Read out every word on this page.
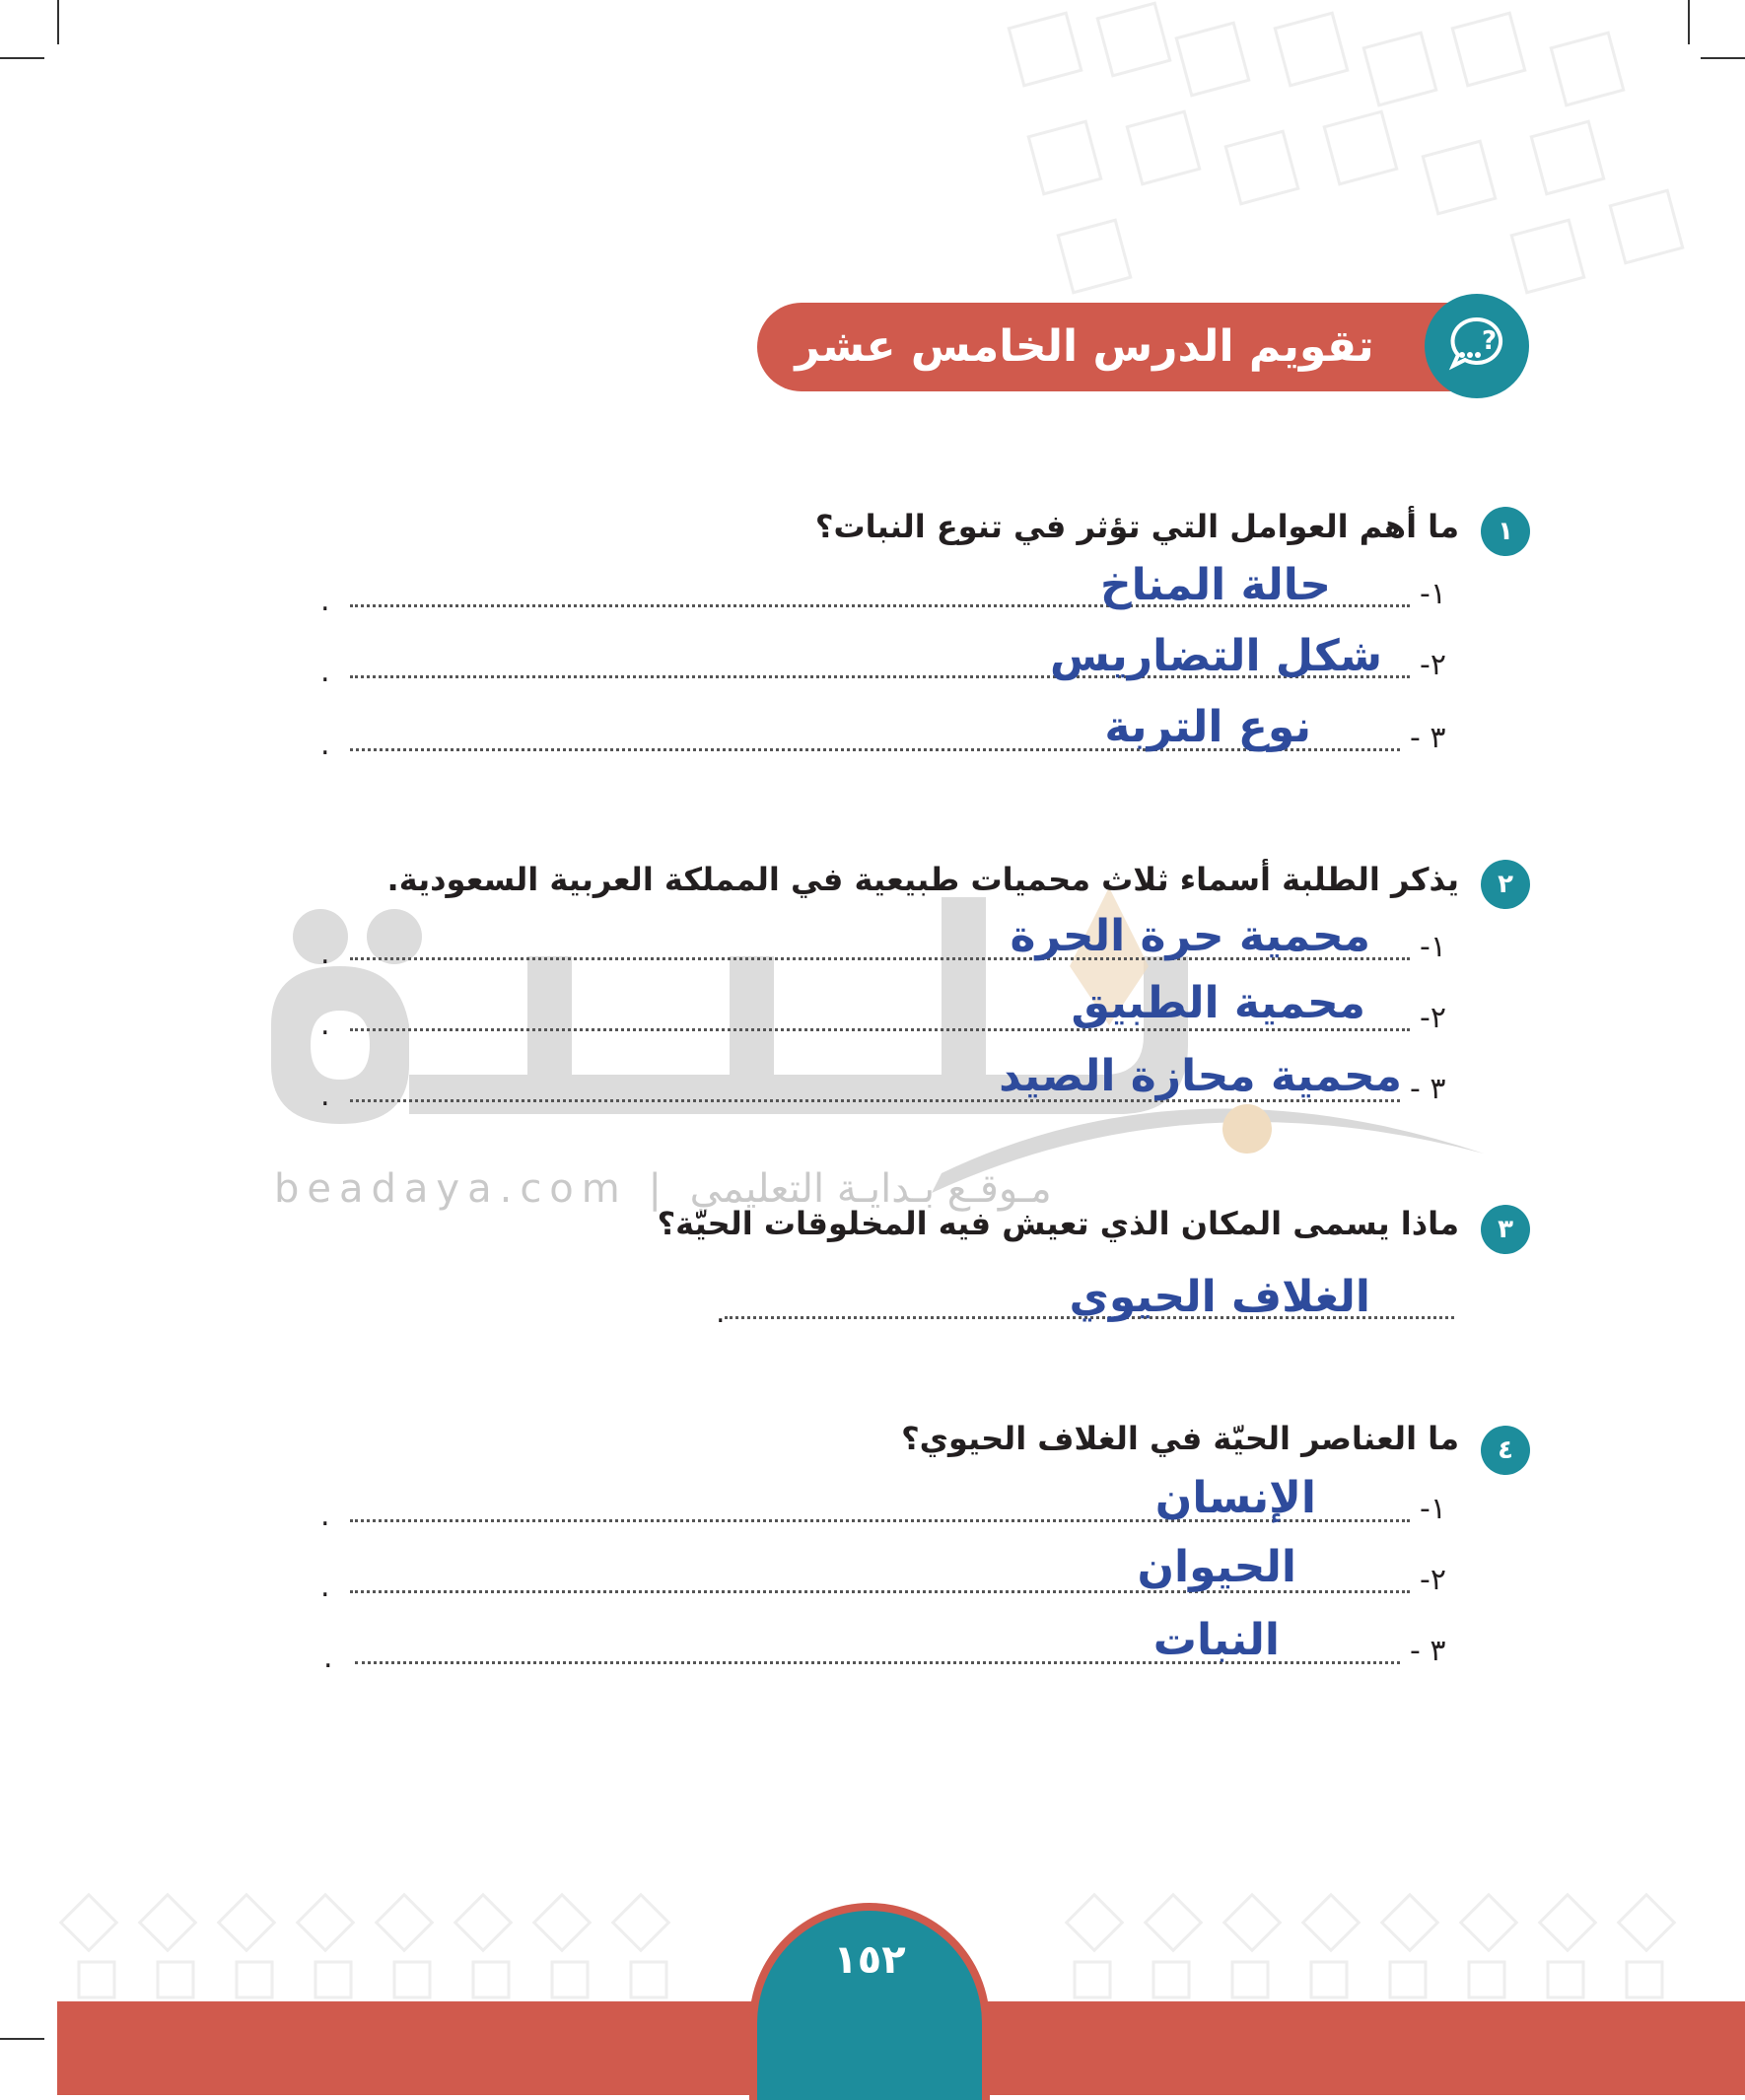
تقويم الدرس الخامس عشر	?
beadaya.com | مـوقـع بـدايـة التعليمي
١
ما أهم العوامل التي تؤثر في تنوع النبات؟
١-
.	حالة المناخ
٢-
.	شكل التضاريس
٣ -
.	نوع التربة
٢
يذكر الطلبة أسماء ثلاث محميات طبيعية في المملكة العربية السعودية.
١-
.	محمية حرة الحرة
٢-
.	محمية الطبيق
٣ -
.	محمية محازة الصيد
٣
ماذا يسمى المكان الذي تعيش فيه المخلوقات الحيّة؟
.	الغلاف الحيوي
٤
ما العناصر الحيّة في الغلاف الحيوي؟
١-
.	الإنسان
٢-
.	الحيوان
٣ -
.	النبات
١٥٢
